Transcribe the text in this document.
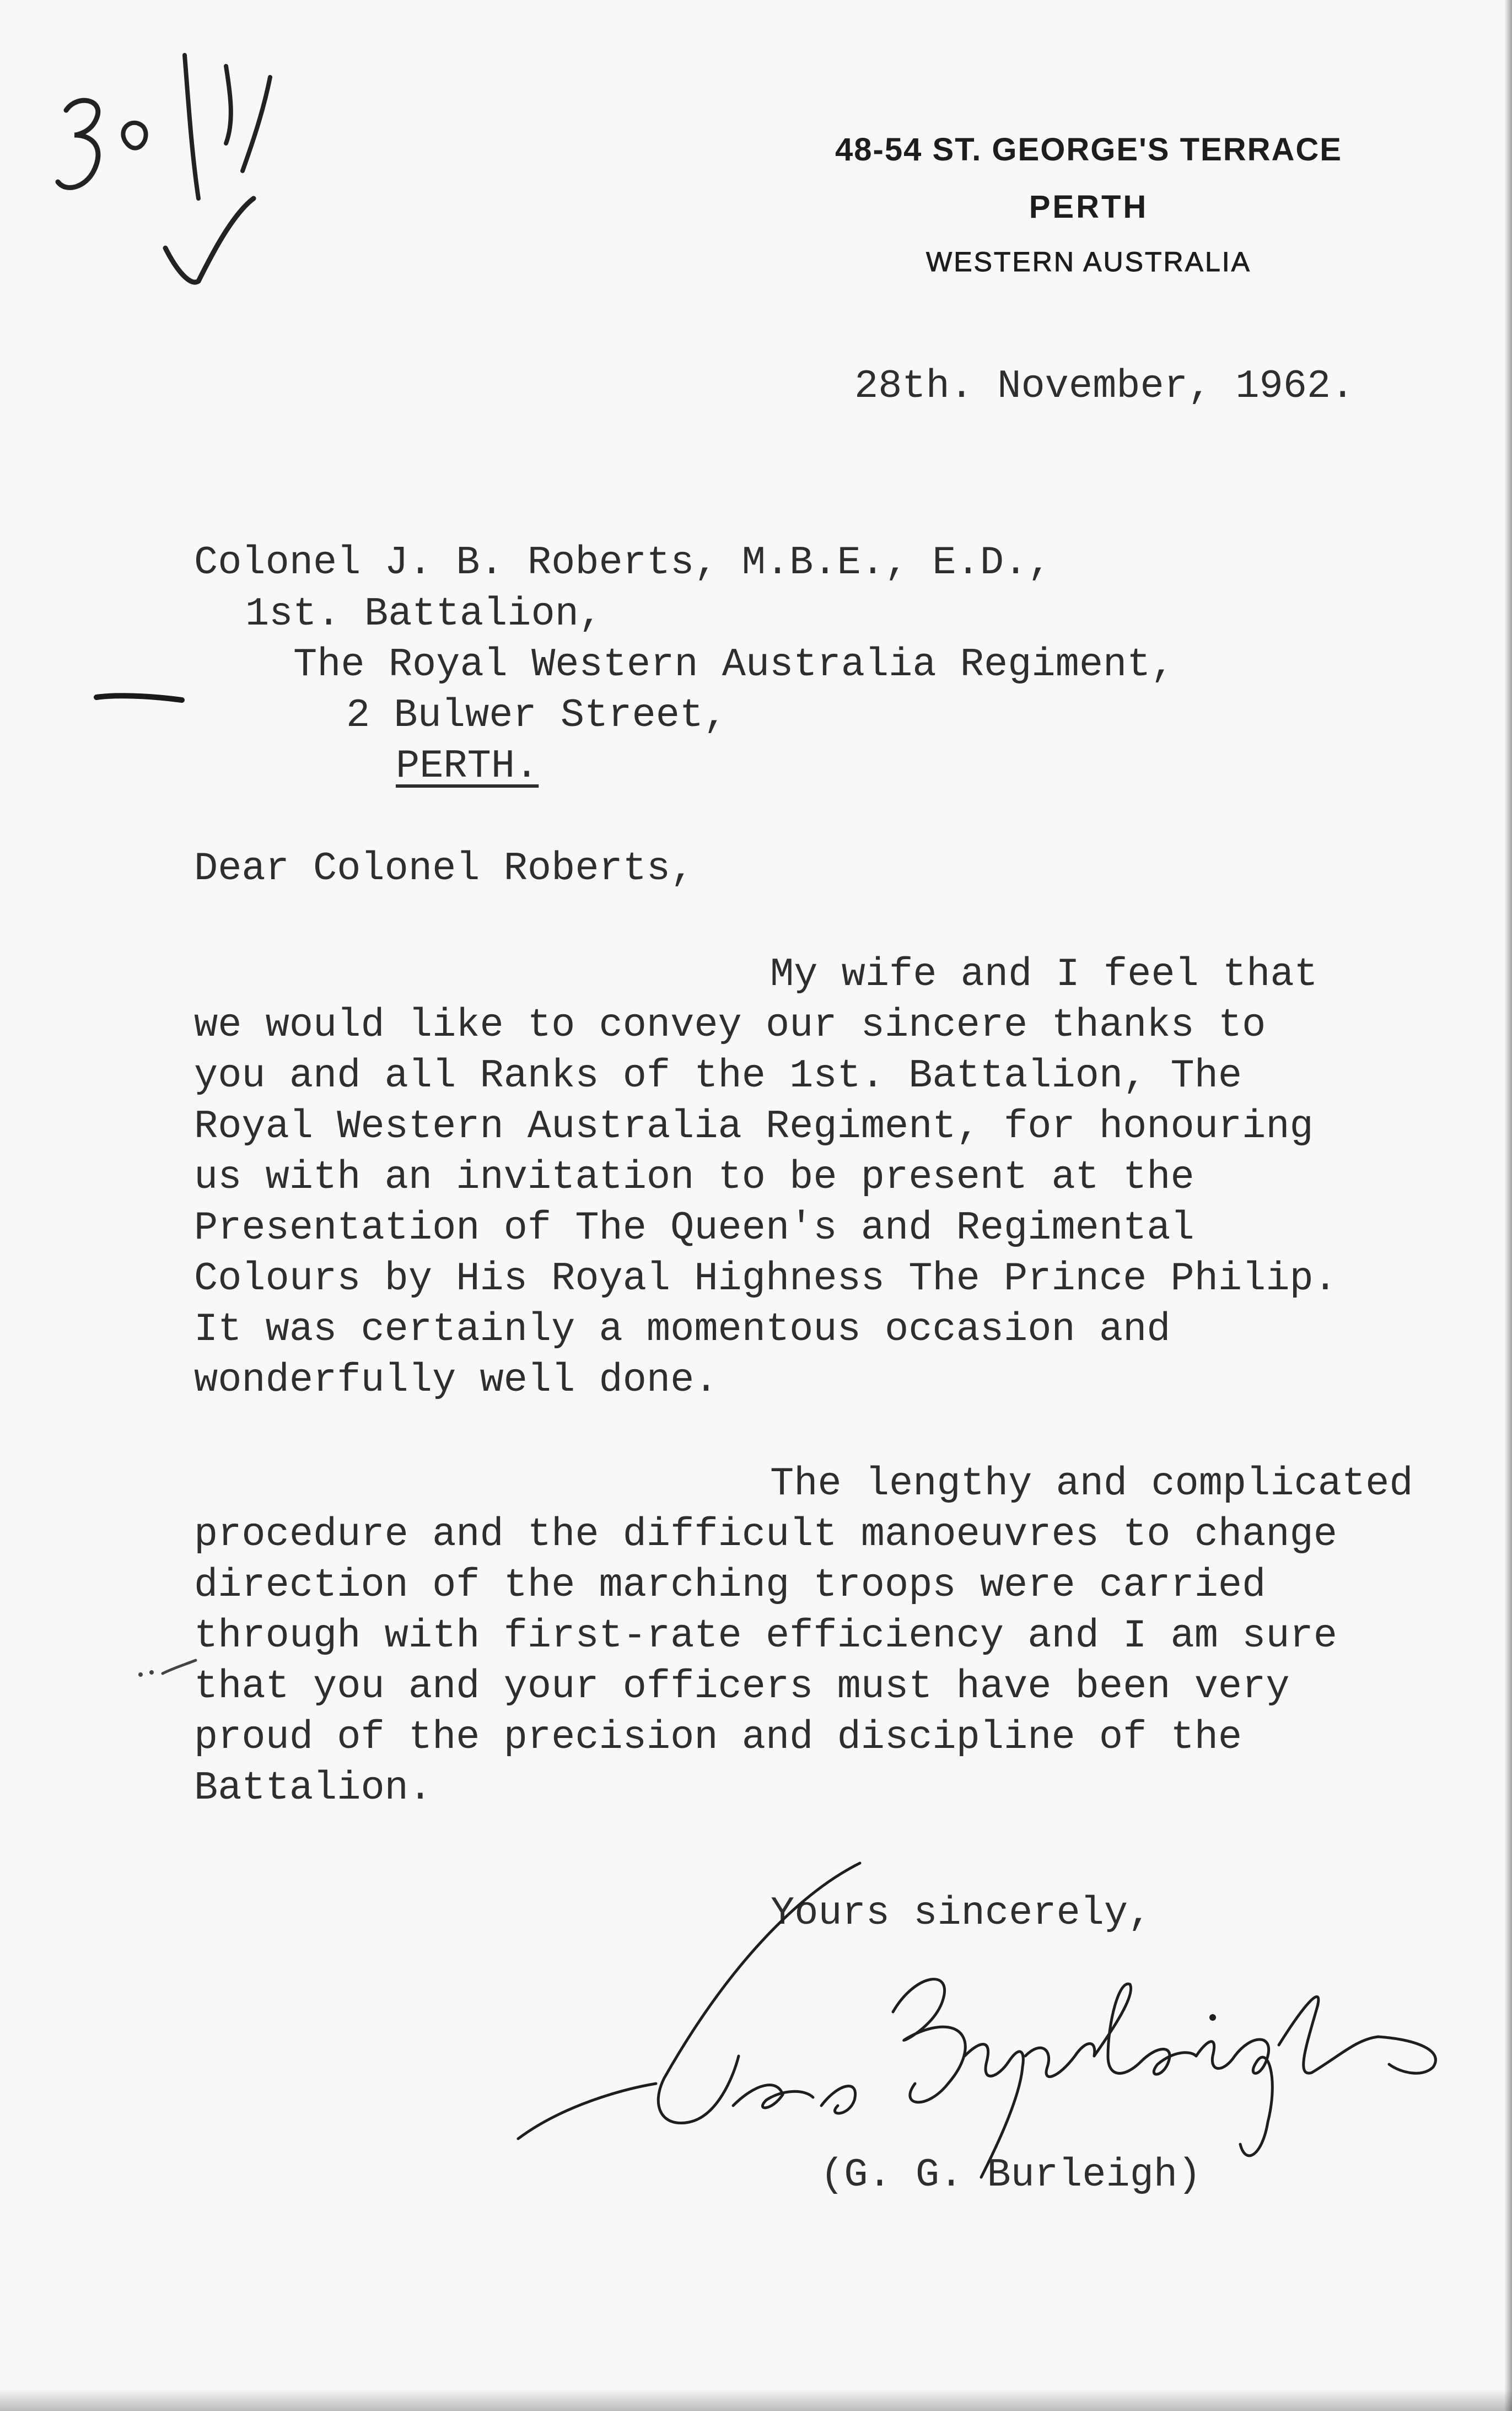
48-54 ST. GEORGE'S TERRACE
PERTH
WESTERN AUSTRALIA
28th. November, 1962.
Colonel J. B. Roberts, M.B.E., E.D.,
1st. Battalion,
The Royal Western Australia Regiment,
2 Bulwer Street,
PERTH.
Dear Colonel Roberts,
My wife and I feel that
we would like to convey our sincere thanks to
you and all Ranks of the 1st. Battalion, The
Royal Western Australia Regiment, for honouring
us with an invitation to be present at the
Presentation of The Queen's and Regimental
Colours by His Royal Highness The Prince Philip.
It was certainly a momentous occasion and
wonderfully well done.
The lengthy and complicated
procedure and the difficult manoeuvres to change
direction of the marching troops were carried
through with first-rate efficiency and I am sure
that you and your officers must have been very
proud of the precision and discipline of the
Battalion.
Yours sincerely,
(G. G. Burleigh)
